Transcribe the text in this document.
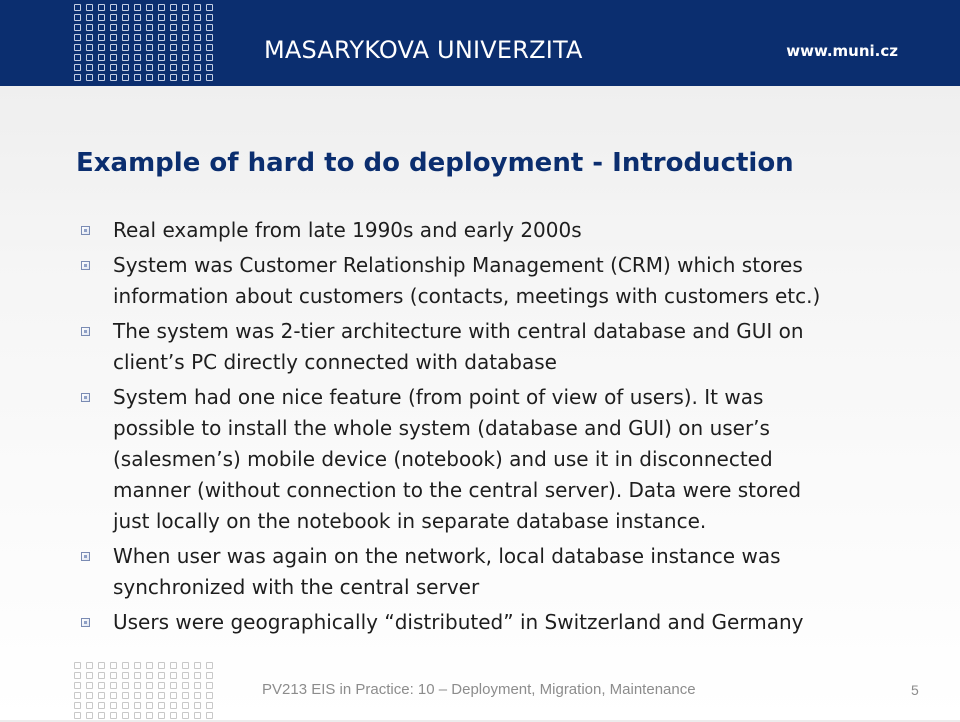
MASARYKOVA UNIVERZITA	www.muni.cz
Example of hard to do deployment - Introduction
Real example from late 1990s and early 2000s
System was Customer Relationship Management (CRM) which stores
information about customers (contacts, meetings with customers etc.)
The system was 2-tier architecture with central database and GUI on
client’s PC directly connected with database
System had one nice feature (from point of view of users). It was
possible to install the whole system (database and GUI) on user’s
(salesmen’s) mobile device (notebook) and use it in disconnected
manner (without connection to the central server). Data were stored
just locally on the notebook in separate database instance.
When user was again on the network, local database instance was
synchronized with the central server
Users were geographically “distributed” in Switzerland and Germany
PV213 EIS in Practice: 10 – Deployment, Migration, Maintenance	5
